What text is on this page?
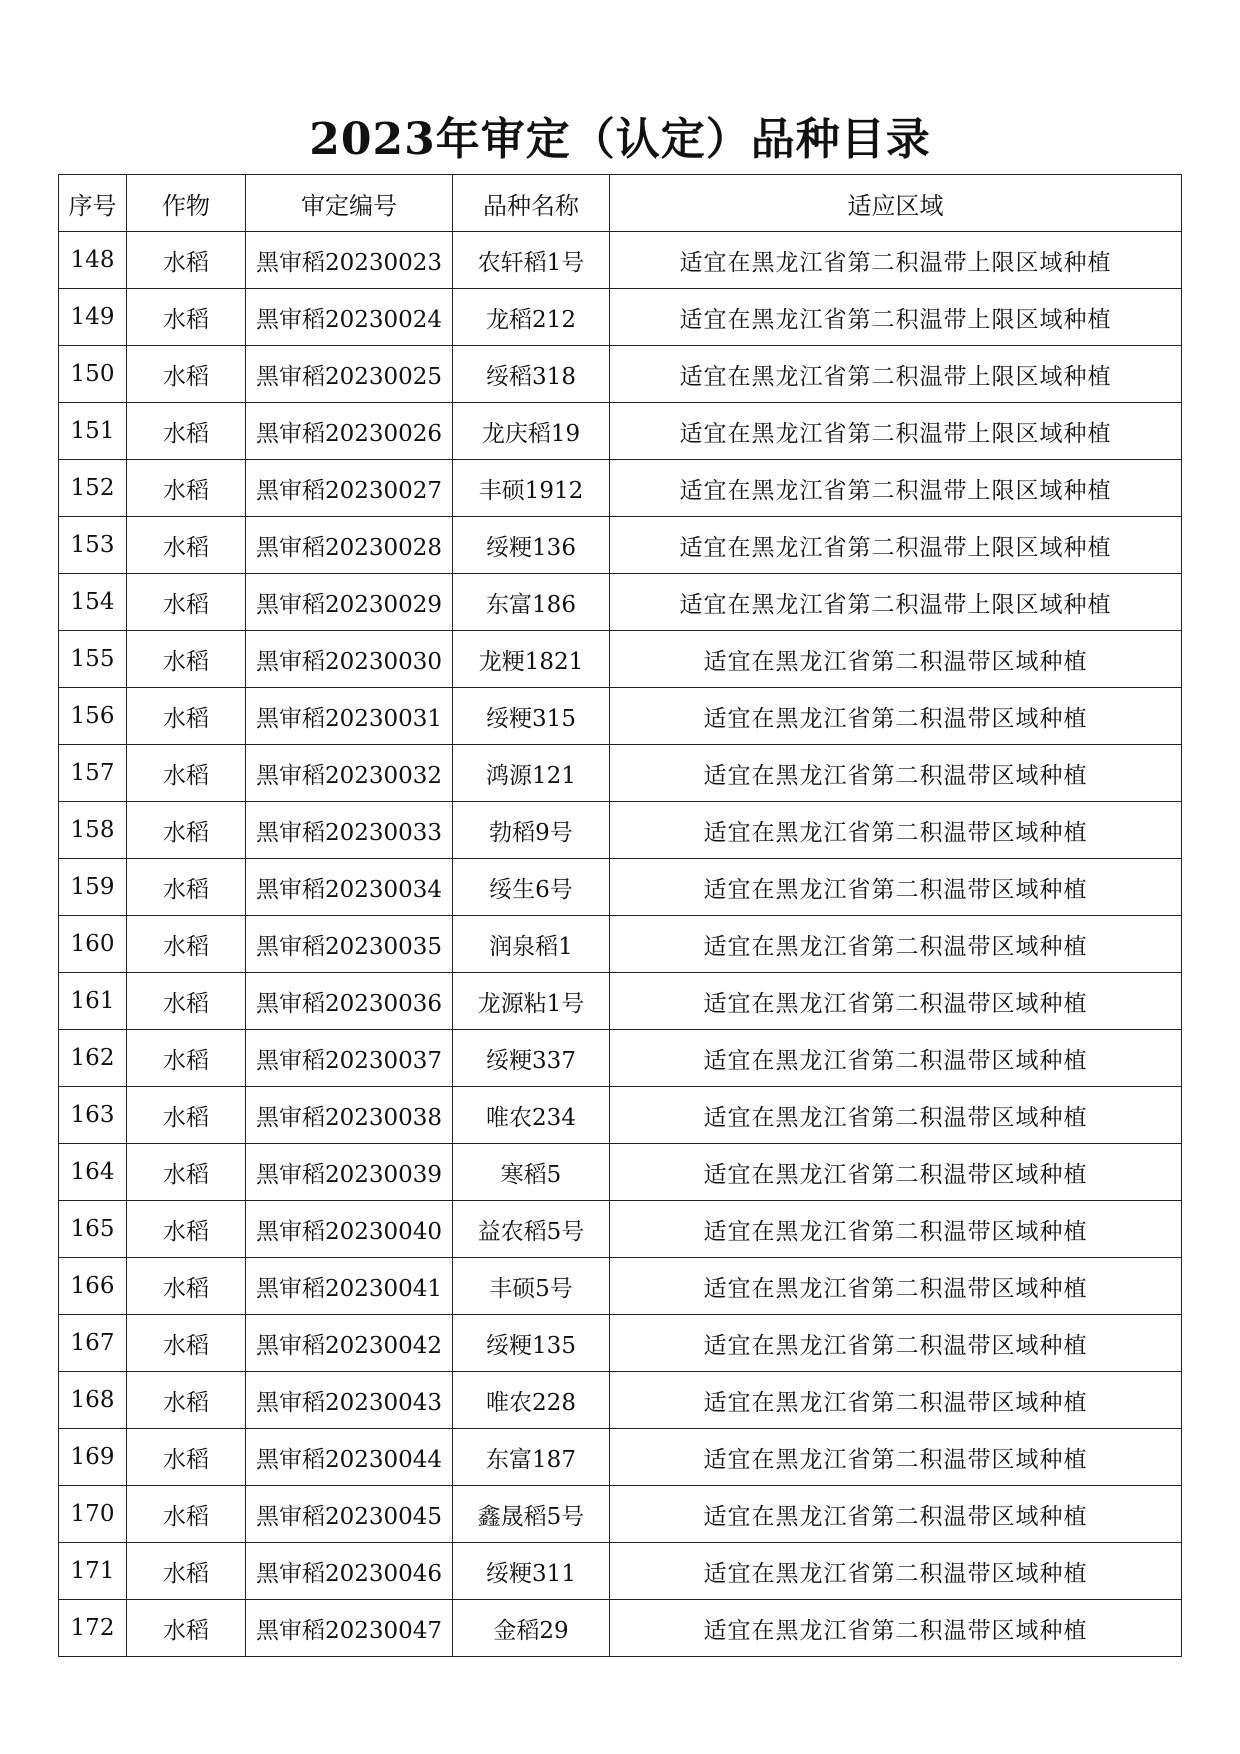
2023年审定（认定）品种目录
序号	作物	审定编号	品种名称	适应区域
148	水稻	黑审稻20230023	农轩稻1号	适宜在黑龙江省第二积温带上限区域种植
149	水稻	黑审稻20230024	龙稻212	适宜在黑龙江省第二积温带上限区域种植
150	水稻	黑审稻20230025	绥稻318	适宜在黑龙江省第二积温带上限区域种植
151	水稻	黑审稻20230026	龙庆稻19	适宜在黑龙江省第二积温带上限区域种植
152	水稻	黑审稻20230027	丰硕1912	适宜在黑龙江省第二积温带上限区域种植
153	水稻	黑审稻20230028	绥粳136	适宜在黑龙江省第二积温带上限区域种植
154	水稻	黑审稻20230029	东富186	适宜在黑龙江省第二积温带上限区域种植
155	水稻	黑审稻20230030	龙粳1821	适宜在黑龙江省第二积温带区域种植
156	水稻	黑审稻20230031	绥粳315	适宜在黑龙江省第二积温带区域种植
157	水稻	黑审稻20230032	鸿源121	适宜在黑龙江省第二积温带区域种植
158	水稻	黑审稻20230033	勃稻9号	适宜在黑龙江省第二积温带区域种植
159	水稻	黑审稻20230034	绥生6号	适宜在黑龙江省第二积温带区域种植
160	水稻	黑审稻20230035	润泉稻1	适宜在黑龙江省第二积温带区域种植
161	水稻	黑审稻20230036	龙源粘1号	适宜在黑龙江省第二积温带区域种植
162	水稻	黑审稻20230037	绥粳337	适宜在黑龙江省第二积温带区域种植
163	水稻	黑审稻20230038	唯农234	适宜在黑龙江省第二积温带区域种植
164	水稻	黑审稻20230039	寒稻5	适宜在黑龙江省第二积温带区域种植
165	水稻	黑审稻20230040	益农稻5号	适宜在黑龙江省第二积温带区域种植
166	水稻	黑审稻20230041	丰硕5号	适宜在黑龙江省第二积温带区域种植
167	水稻	黑审稻20230042	绥粳135	适宜在黑龙江省第二积温带区域种植
168	水稻	黑审稻20230043	唯农228	适宜在黑龙江省第二积温带区域种植
169	水稻	黑审稻20230044	东富187	适宜在黑龙江省第二积温带区域种植
170	水稻	黑审稻20230045	鑫晟稻5号	适宜在黑龙江省第二积温带区域种植
171	水稻	黑审稻20230046	绥粳311	适宜在黑龙江省第二积温带区域种植
172	水稻	黑审稻20230047	金稻29	适宜在黑龙江省第二积温带区域种植
